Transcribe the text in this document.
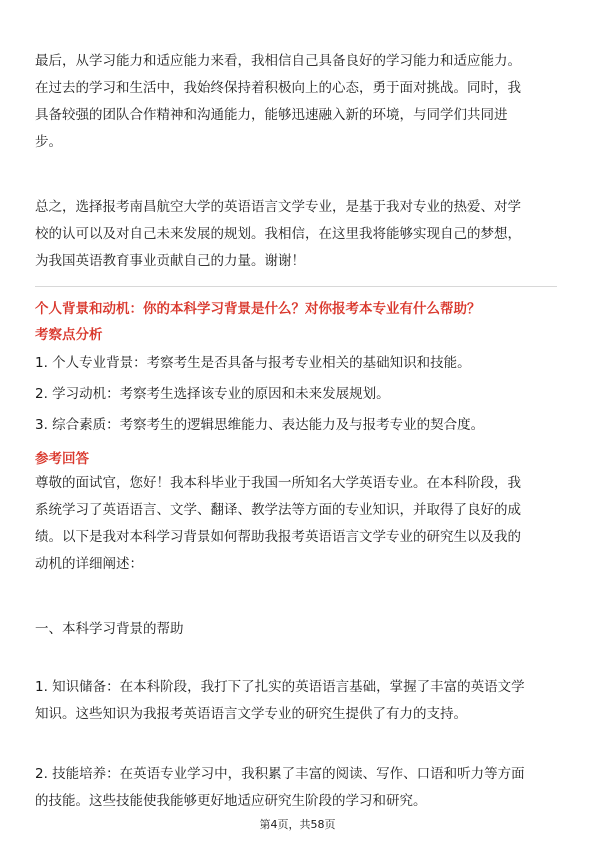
最后，从学习能力和适应能力来看，我相信自己具备良好的学习能力和适应能力。
在过去的学习和生活中，我始终保持着积极向上的心态，勇于面对挑战。同时，我
具备较强的团队合作精神和沟通能力，能够迅速融入新的环境，与同学们共同进
步。
总之，选择报考南昌航空大学的英语语言文学专业，是基于我对专业的热爱、对学
校的认可以及对自己未来发展的规划。我相信，在这里我将能够实现自己的梦想，
为我国英语教育事业贡献自己的力量。谢谢！

个人背景和动机：你的本科学习背景是什么？对你报考本专业有什么帮助？

考察点分析

1. 个人专业背景：考察考生是否具备与报考专业相关的基础知识和技能。

2. 学习动机：考察考生选择该专业的原因和未来发展规划。

3. 综合素质：考察考生的逻辑思维能力、表达能力及与报考专业的契合度。

参考回答

尊敬的面试官，您好！我本科毕业于我国一所知名大学英语专业。在本科阶段，我
系统学习了英语语言、文学、翻译、教学法等方面的专业知识，并取得了良好的成
绩。以下是我对本科学习背景如何帮助我报考英语语言文学专业的研究生以及我的
动机的详细阐述：

一、本科学习背景的帮助

1. 知识储备：在本科阶段，我打下了扎实的英语语言基础，掌握了丰富的英语文学
知识。这些知识为我报考英语语言文学专业的研究生提供了有力的支持。
2. 技能培养：在英语专业学习中，我积累了丰富的阅读、写作、口语和听力等方面
的技能。这些技能使我能够更好地适应研究生阶段的学习和研究。
第4页，共58页
